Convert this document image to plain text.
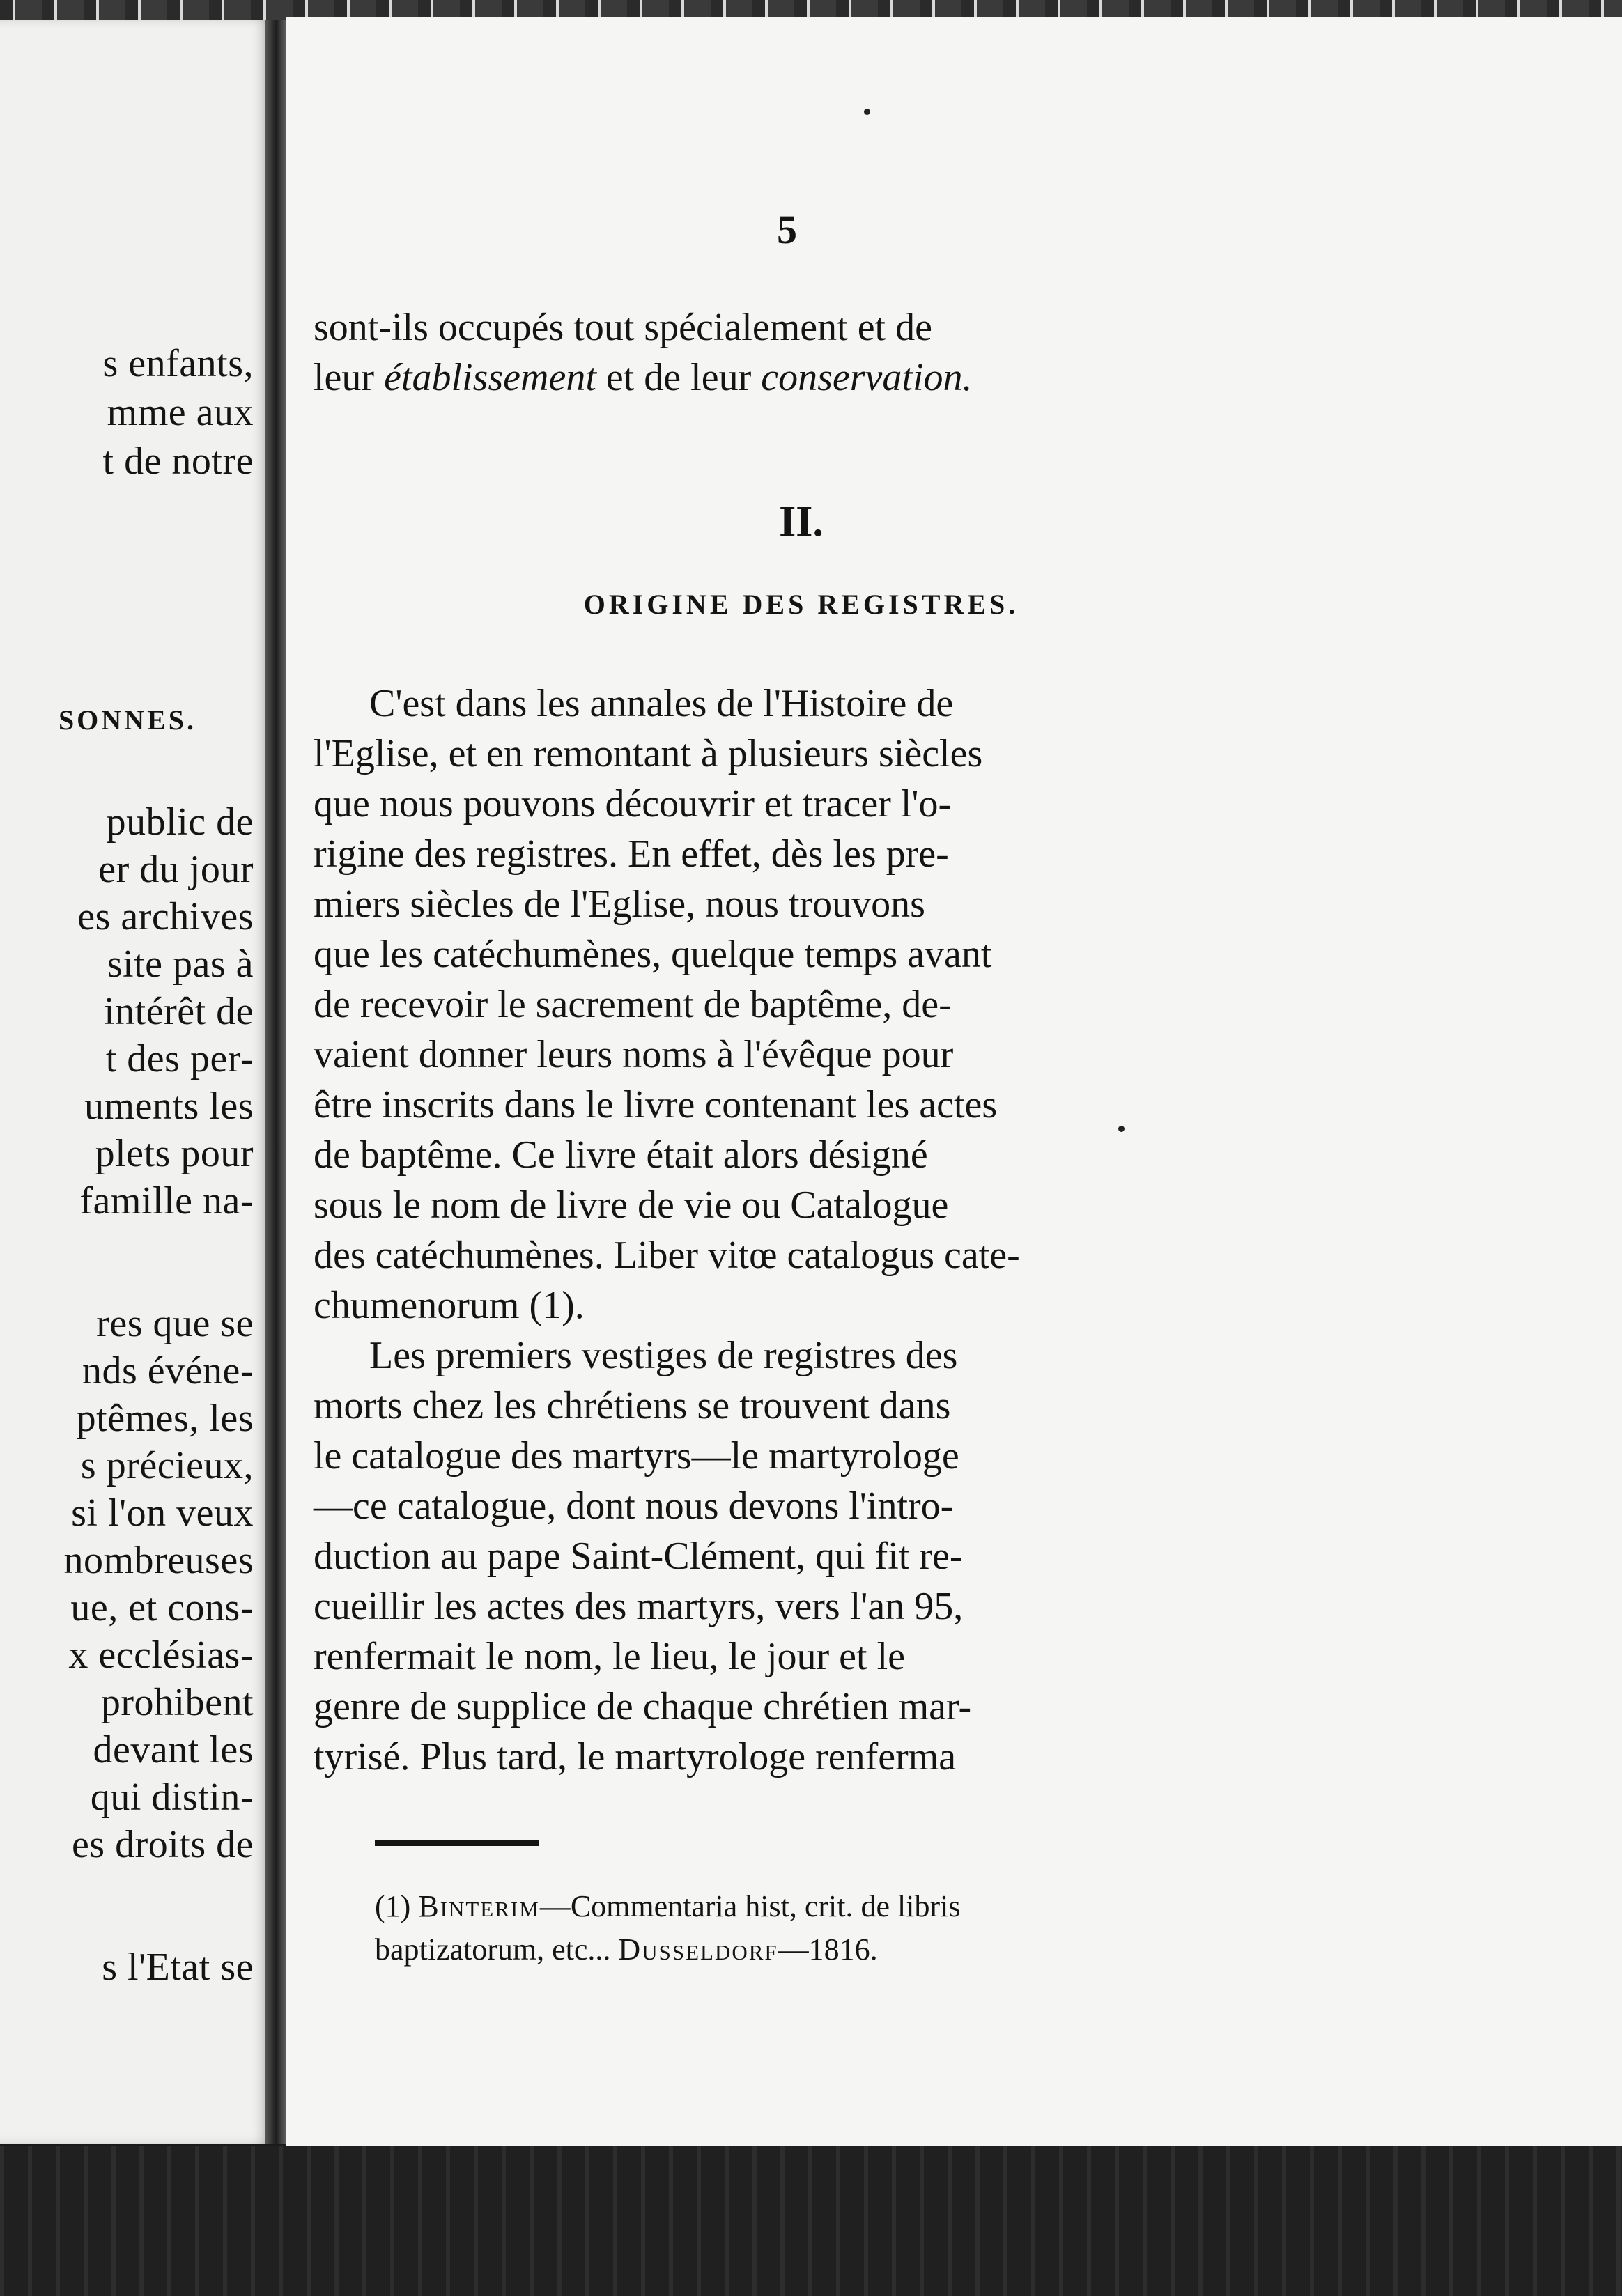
s enfants,
mme aux
t de notre
SONNES.
public de
er du jour
es archives
site pas à
intérêt de
t des per-
uments les
plets pour
famille na-
res que se
nds événe-
ptêmes, les
s précieux,
si l'on veux
nombreuses
ue, et cons-
x ecclésias-
prohibent
devant les
qui distin-
es droits de
s l'Etat se
5

sont-ils occupés tout spécialement et de

leur établissement et de leur conservation.

II.
ORIGINE DES REGISTRES.

C'est dans les annales de l'Histoire de

l'Eglise, et en remontant à plusieurs siècles

que nous pouvons découvrir et tracer l'o-

rigine des registres. En effet, dès les pre-

miers siècles de l'Eglise, nous trouvons

que les catéchumènes, quelque temps avant

de recevoir le sacrement de baptême, de-

vaient donner leurs noms à l'évêque pour

être inscrits dans le livre contenant les actes

de baptême. Ce livre était alors désigné

sous le nom de livre de vie ou Catalogue

des catéchumènes. Liber vitœ catalogus cate-

chumenorum (1).

Les premiers vestiges de registres des

morts chez les chrétiens se trouvent dans

le catalogue des martyrs—le martyrologe

—ce catalogue, dont nous devons l'intro-

duction au pape Saint-Clément, qui fit re-

cueillir les actes des martyrs, vers l'an 95,

renfermait le nom, le lieu, le jour et le

genre de supplice de chaque chrétien mar-

tyrisé. Plus tard, le martyrologe renferma

(1) Binterim—Commentaria hist, crit. de libris
baptizatorum, etc... Dusseldorf—1816.
